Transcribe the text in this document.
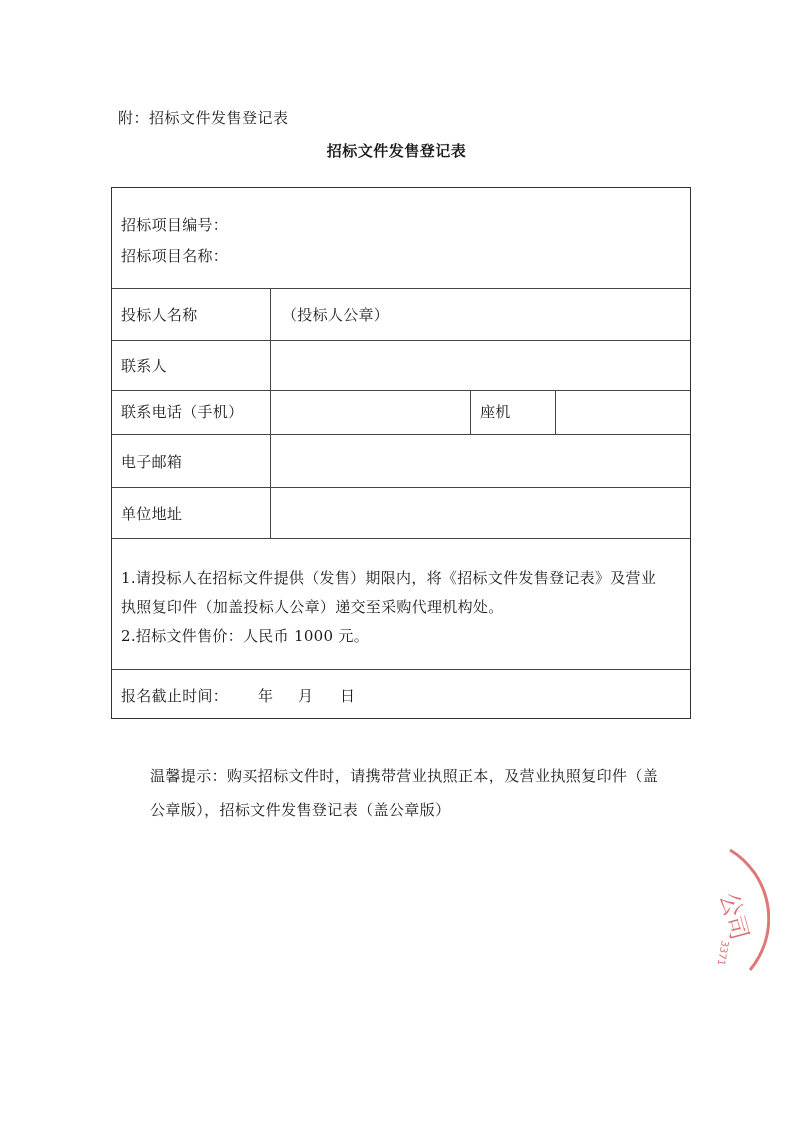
附：招标文件发售登记表
招标文件发售登记表
招标项目编号：
招标项目名称：
投标人名称	（投标人公章）
联系人
联系电话（手机）	座机
电子邮箱
单位地址

1.请投标人在招标文件提供（发售）期限内，将《招标文件发售登记表》及营业

执照复印件（加盖投标人公章）递交至采购代理机构处。

2.招标文件售价：人民币 1000 元。

报名截止时间： 年 月 日
温馨提示：购买招标文件时，请携带营业执照正本，及营业执照复印件（盖
公章版），招标文件发售登记表（盖公章版）
公司
3371
